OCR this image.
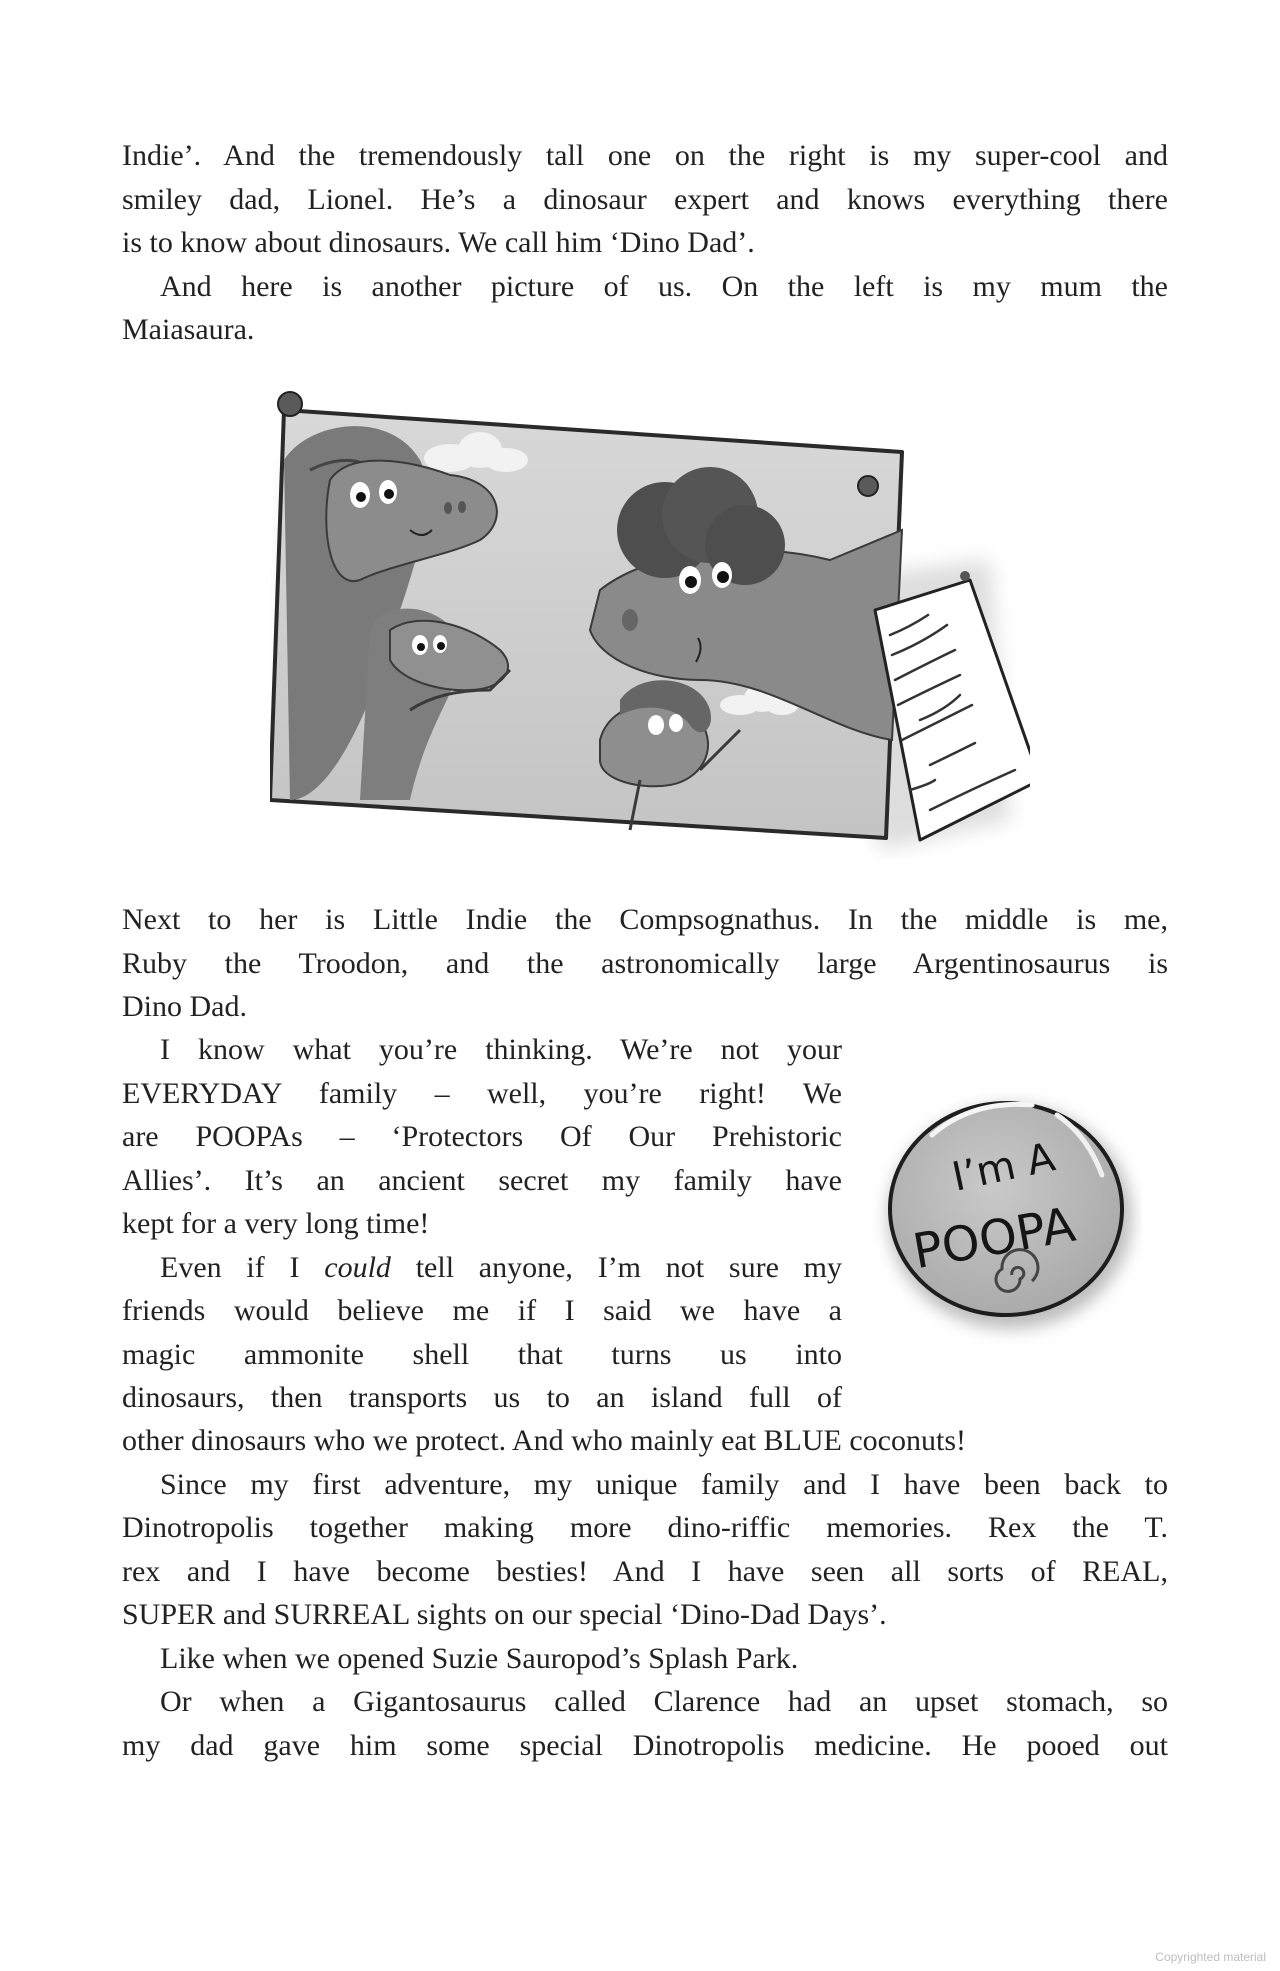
Indie’. And the tremendously tall one on the right is my super-cool and
smiley dad, Lionel. He’s a dinosaur expert and knows everything there
is to know about dinosaurs. We call him ‘Dino Dad’.
And here is another picture of us. On the left is my mum the
Maiasaura.
Next to her is Little Indie the Compsognathus. In the middle is me,
Ruby the Troodon, and the astronomically large Argentinosaurus is
Dino Dad.
I know what you’re thinking. We’re not your
EVERYDAY family – well, you’re right! We
are POOPAs – ‘Protectors Of Our Prehistoric
Allies’. It’s an ancient secret my family have
kept for a very long time!
Even if I could tell anyone, I’m not sure my
friends would believe me if I said we have a
magic ammonite shell that turns us into
dinosaurs, then transports us to an island full of
I’m A
POOPA
other dinosaurs who we protect. And who mainly eat BLUE coconuts!
Since my first adventure, my unique family and I have been back to
Dinotropolis together making more dino-riffic memories. Rex the T.
rex and I have become besties! And I have seen all sorts of REAL,
SUPER and SURREAL sights on our special ‘Dino-Dad Days’.
Like when we opened Suzie Sauropod’s Splash Park.
Or when a Gigantosaurus called Clarence had an upset stomach, so
my dad gave him some special Dinotropolis medicine. He pooed out
Copyrighted material
